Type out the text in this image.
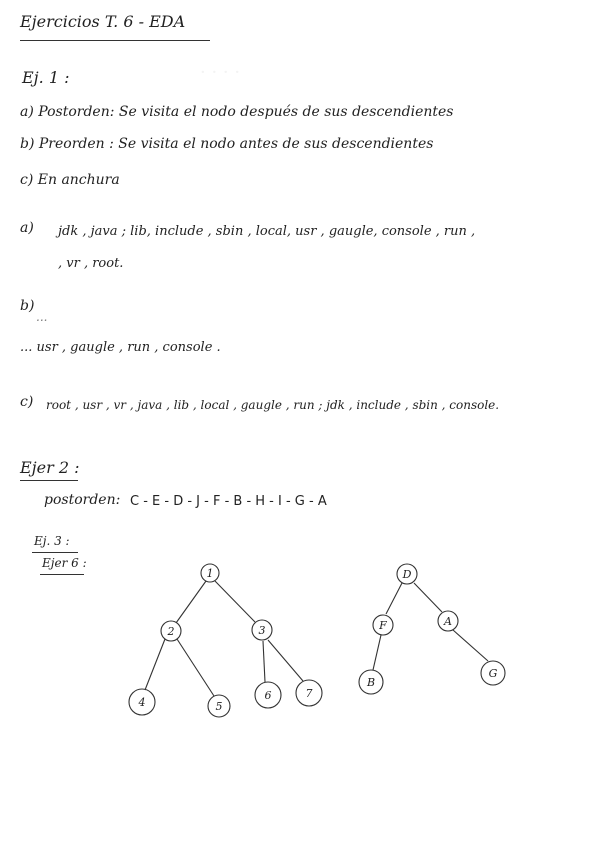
· · · ·
Ejercicios T. 6 - EDA
Ej. 1 :
a) Postorden: Se visita el nodo después de sus descendientes
b) Preorden : Se visita el nodo antes de sus descendientes
c) En anchura
a) jdk , java ; lib, include , sbin , local, usr , gaugle, console , run ,
, vr , root.
b)
...
... usr , gaugle , run , console .
c) root , usr , vr , java , lib , local , gaugle , run ; jdk , include , sbin , console.
Ejer 2 :
postorden: C - E - D - J - F - B - H - I - G - A
Ej. 3 :
Ejer 6 :
1
2	3
4	5
6	7
D
F	A
B
G
